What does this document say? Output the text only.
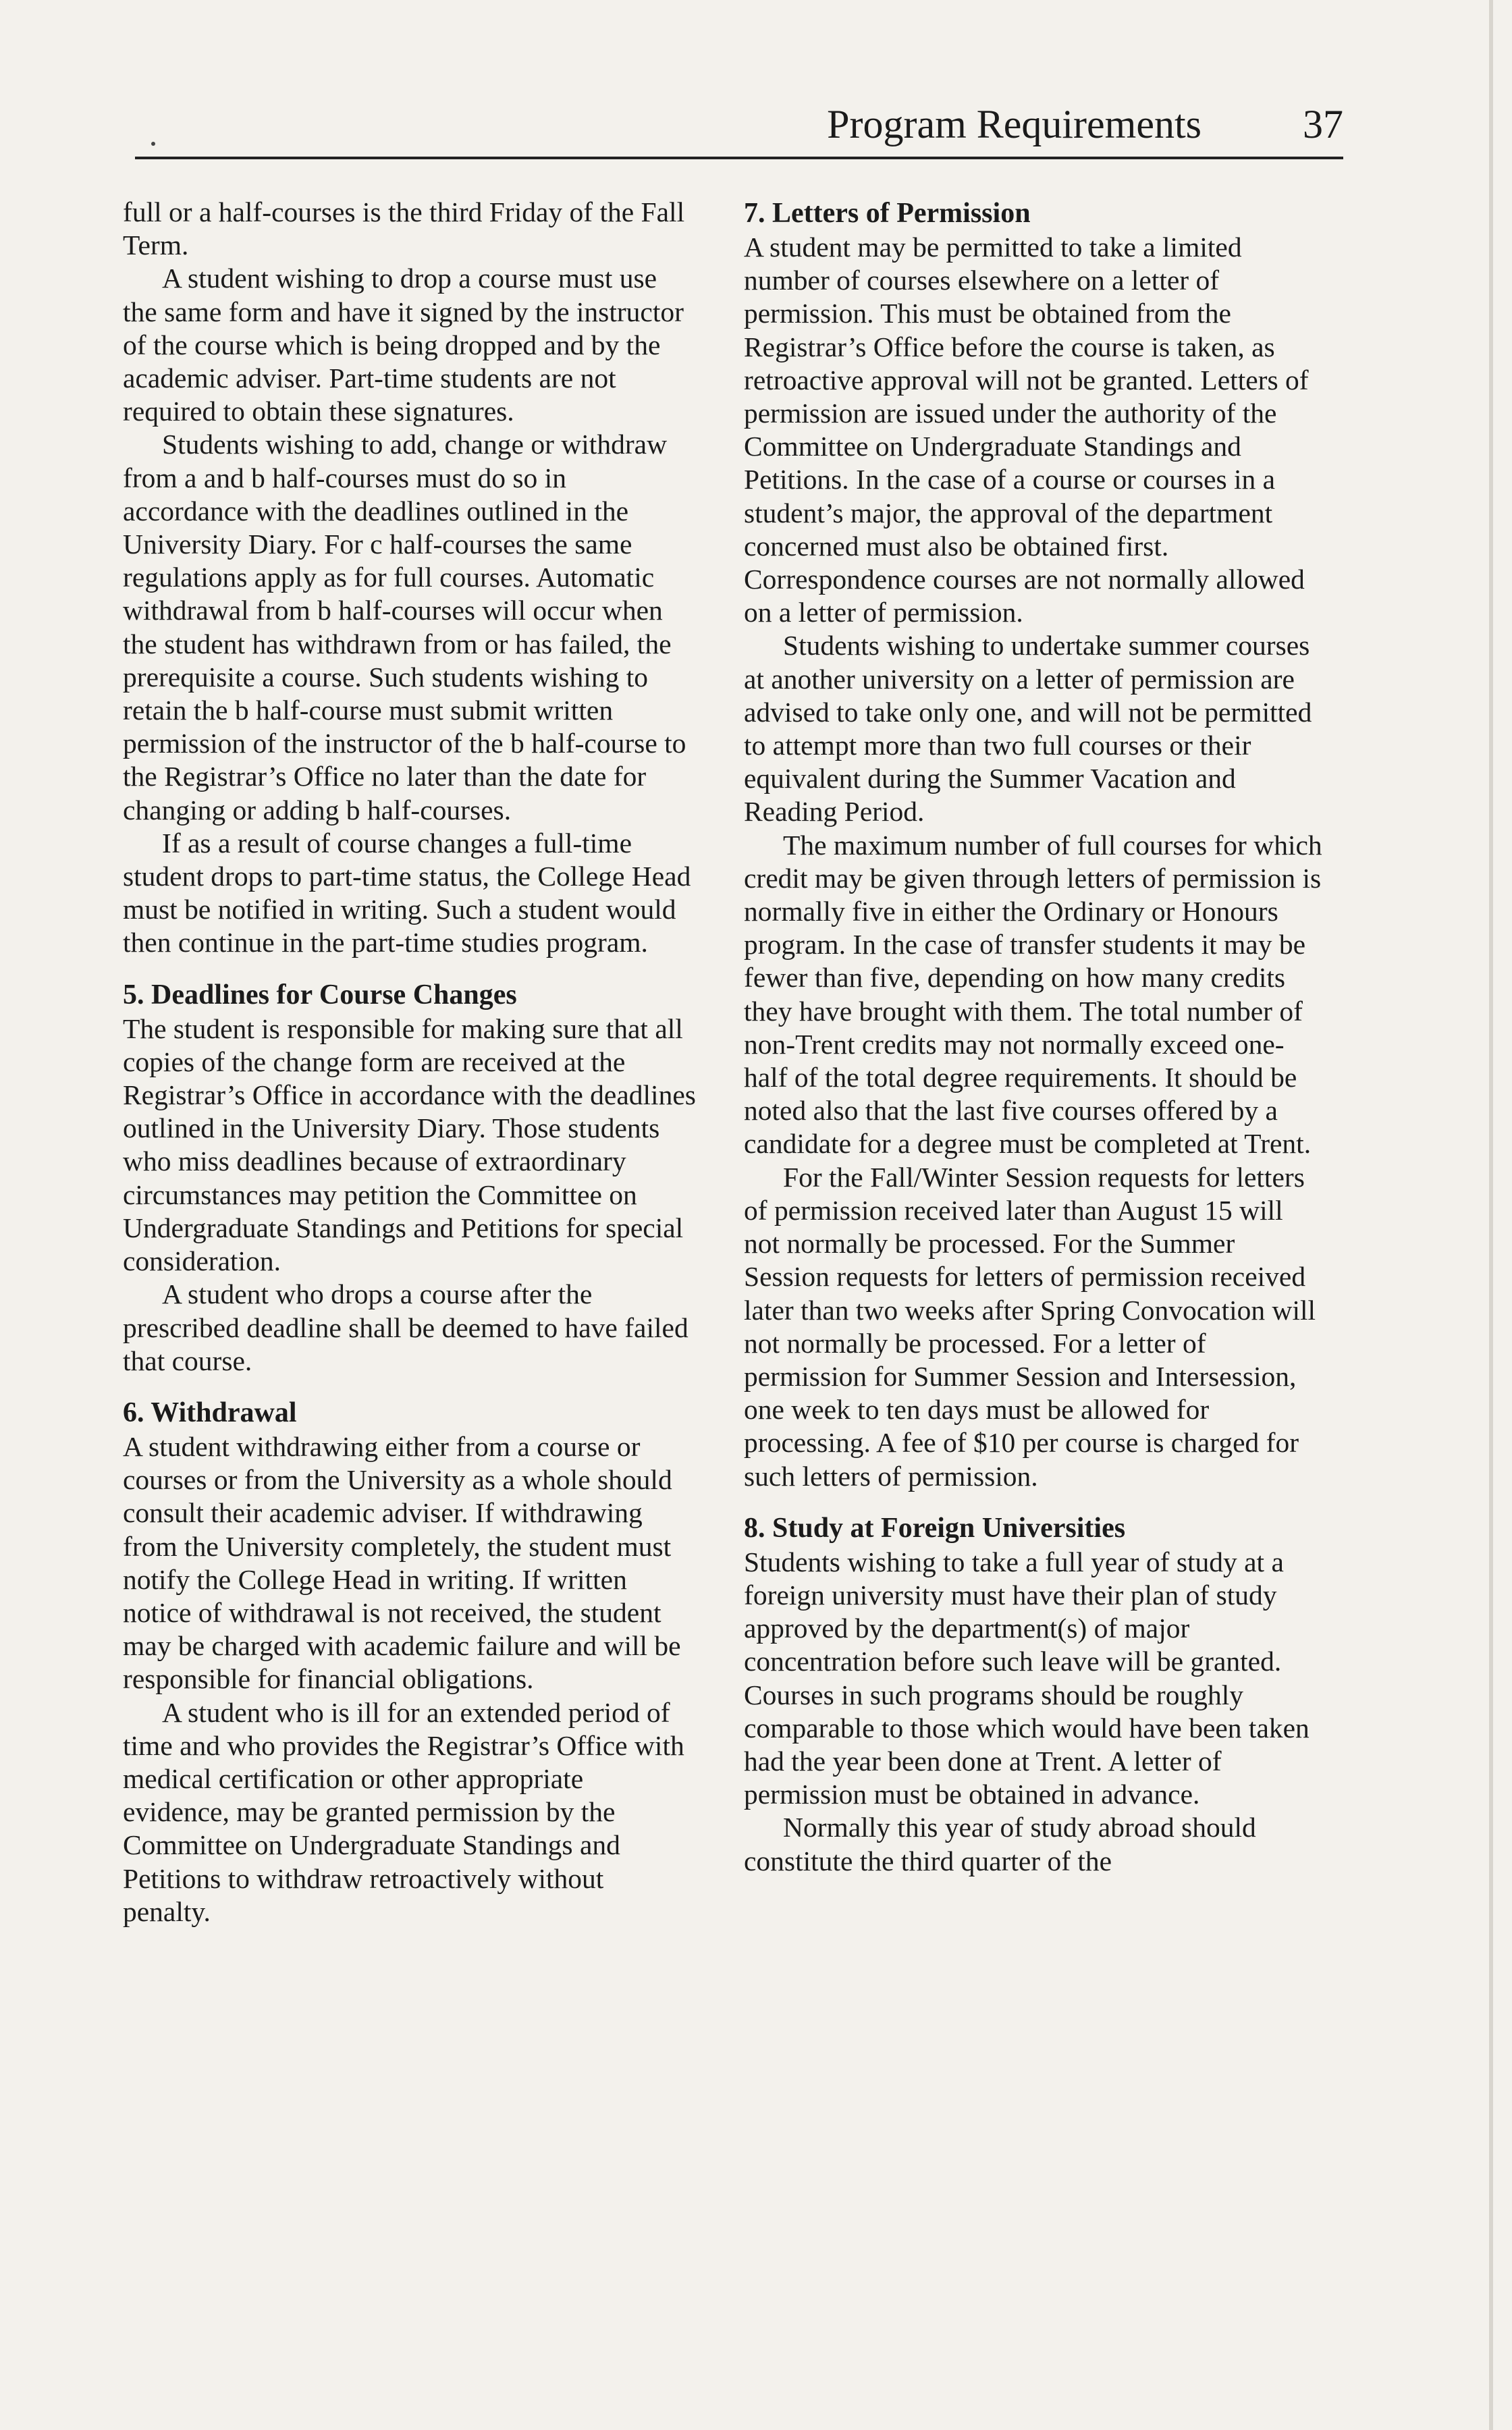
Program Requirements	37

full or a half-courses is the third Friday of the Fall Term.

A student wishing to drop a course must use the same form and have it signed by the instructor of the course which is being dropped and by the academic adviser. Part-time students are not required to obtain these signatures.

Students wishing to add, change or withdraw from a and b half-courses must do so in accordance with the deadlines outlined in the University Diary. For c half-courses the same regulations apply as for full courses. Automatic withdrawal from b half-courses will occur when the student has withdrawn from or has failed, the prerequisite a course. Such students wishing to retain the b half-course must submit written permission of the instructor of the b half-course to the Registrar’s Office no later than the date for changing or adding b half-courses.

If as a result of course changes a full-time student drops to part-time status, the College Head must be notified in writing. Such a student would then continue in the part-time studies program.

5. Deadlines for Course Changes

The student is responsible for making sure that all copies of the change form are received at the Registrar’s Office in accordance with the deadlines outlined in the University Diary. Those students who miss deadlines because of extraordinary circumstances may petition the Committee on Undergraduate Standings and Petitions for special consideration.

A student who drops a course after the prescribed deadline shall be deemed to have failed that course.

6. Withdrawal

A student withdrawing either from a course or courses or from the University as a whole should consult their academic adviser. If withdrawing from the University completely, the student must notify the College Head in writing. If written notice of withdrawal is not received, the student may be charged with academic failure and will be responsible for financial obligations.

A student who is ill for an extended period of time and who provides the Registrar’s Office with medical certification or other appropriate evidence, may be granted permission by the Committee on Undergraduate Standings and Petitions to withdraw retroactively without penalty.

7. Letters of Permission

A student may be permitted to take a limited number of courses elsewhere on a letter of permission. This must be obtained from the Registrar’s Office before the course is taken, as retroactive approval will not be granted. Letters of permission are issued under the authority of the Committee on Undergraduate Standings and Petitions. In the case of a course or courses in a student’s major, the approval of the department concerned must also be obtained first. Correspondence courses are not normally allowed on a letter of permission.

Students wishing to undertake summer courses at another university on a letter of permission are advised to take only one, and will not be permitted to attempt more than two full courses or their equivalent during the Summer Vacation and Reading Period.

The maximum number of full courses for which credit may be given through letters of permission is normally five in either the Ordinary or Honours program. In the case of transfer students it may be fewer than five, depending on how many credits they have brought with them. The total number of non-Trent credits may not normally exceed one-half of the total degree requirements. It should be noted also that the last five courses offered by a candidate for a degree must be completed at Trent.

For the Fall/Winter Session requests for letters of permission received later than August 15 will not normally be processed. For the Summer Session requests for letters of permission received later than two weeks after Spring Convocation will not normally be processed. For a letter of permission for Summer Session and Intersession, one week to ten days must be allowed for processing. A fee of $10 per course is charged for such letters of permission.

8. Study at Foreign Universities

Students wishing to take a full year of study at a foreign university must have their plan of study approved by the department(s) of major concentration before such leave will be granted. Courses in such programs should be roughly comparable to those which would have been taken had the year been done at Trent. A letter of permission must be obtained in advance.

Normally this year of study abroad should constitute the third quarter of the
